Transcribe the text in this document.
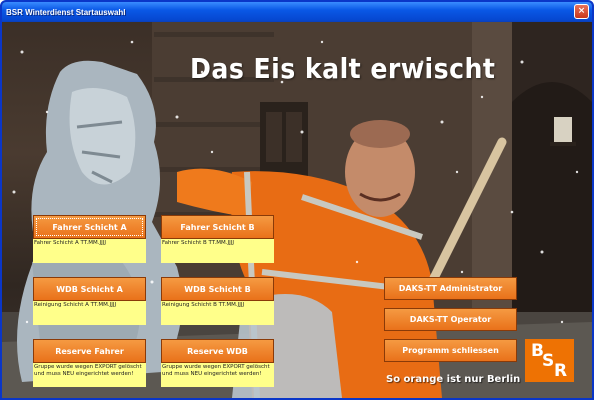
BSR Winterdienst Startauswahl	×
Das Eis kalt erwischt
Fahrer Schicht A
Fahrer Schicht A TT.MM.JJJJ
WDB Schicht A
Reinigung Schicht A TT.MM.JJJJ
Reserve Fahrer
Gruppe wurde wegen EXPORT gelöscht und muss NEU eingerichtet werden!
Fahrer Schicht B
Fahrer Schicht B TT.MM.JJJJ
WDB Schicht B
Reinigung Schicht B TT.MM.JJJJ
Reserve WDB
Gruppe wurde wegen EXPORT gelöscht und muss NEU eingerichtet werden!
DAKS-TT Administrator
DAKS-TT Operator
Programm schliessen	B
S R
So orange ist nur Berlin
